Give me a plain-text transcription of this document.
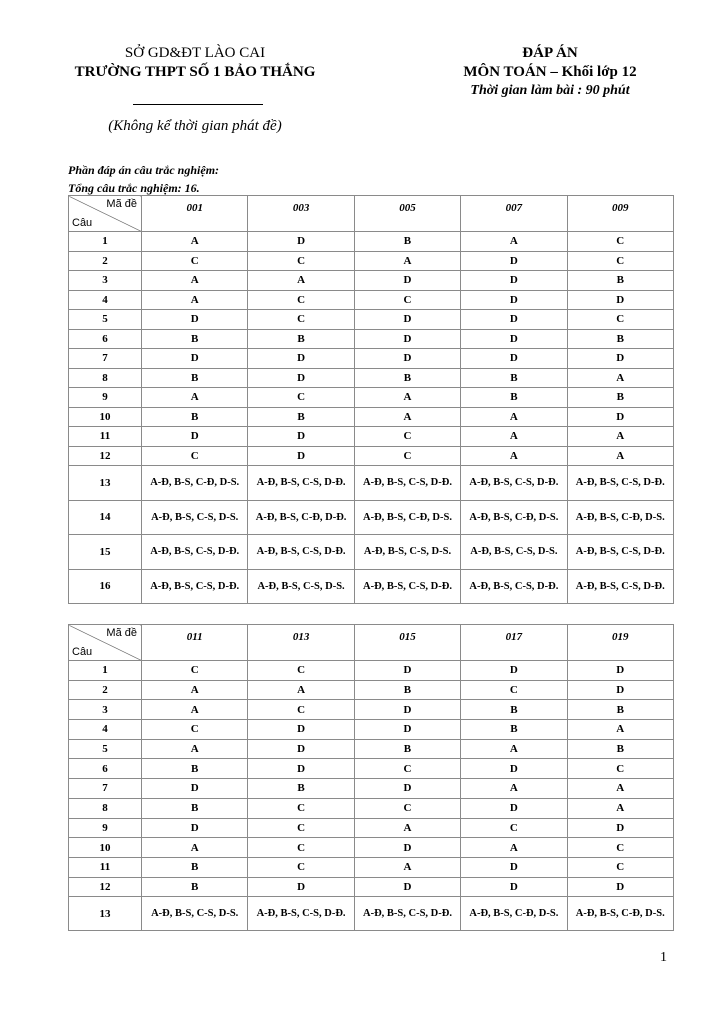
SỞ GD&ĐT LÀO CAI
TRƯỜNG THPT SỐ 1 BẢO THẮNG
(Không kể thời gian phát đề)
ĐÁP ÁN
MÔN TOÁN – Khối lớp 12
Thời gian làm bài : 90 phút
Phần đáp án câu trắc nghiệm:
Tổng câu trắc nghiệm: 16.
Mã đề
Câu	001	003	005	007	009
1	A	D	B	A	C
2	C	C	A	D	C
3	A	A	D	D	B
4	A	C	C	D	D
5	D	C	D	D	C
6	B	B	D	D	B
7	D	D	D	D	D
8	B	D	B	B	A
9	A	C	A	B	B
10	B	B	A	A	D
11	D	D	C	A	A
12	C	D	C	A	A
13	A-Đ, B-S, C-Đ, D-S.	A-Đ, B-S, C-S, D-Đ.	A-Đ, B-S, C-S, D-Đ.	A-Đ, B-S, C-S, D-Đ.	A-Đ, B-S, C-S, D-Đ.
14	A-Đ, B-S, C-S, D-S.	A-Đ, B-S, C-Đ, D-Đ.	A-Đ, B-S, C-Đ, D-S.	A-Đ, B-S, C-Đ, D-S.	A-Đ, B-S, C-Đ, D-S.
15	A-Đ, B-S, C-S, D-Đ.	A-Đ, B-S, C-S, D-Đ.	A-Đ, B-S, C-S, D-S.	A-Đ, B-S, C-S, D-S.	A-Đ, B-S, C-S, D-Đ.
16	A-Đ, B-S, C-S, D-Đ.	A-Đ, B-S, C-S, D-S.	A-Đ, B-S, C-S, D-Đ.	A-Đ, B-S, C-S, D-Đ.	A-Đ, B-S, C-S, D-Đ.
Mã đề
Câu	011	013	015	017	019
1	C	C	D	D	D
2	A	A	B	C	D
3	A	C	D	B	B
4	C	D	D	B	A
5	A	D	B	A	B
6	B	D	C	D	C
7	D	B	D	A	A
8	B	C	C	D	A
9	D	C	A	C	D
10	A	C	D	A	C
11	B	C	A	D	C
12	B	D	D	D	D
13	A-Đ, B-S, C-S, D-S.	A-Đ, B-S, C-S, D-Đ.	A-Đ, B-S, C-S, D-Đ.	A-Đ, B-S, C-Đ, D-S.	A-Đ, B-S, C-Đ, D-S.
1
